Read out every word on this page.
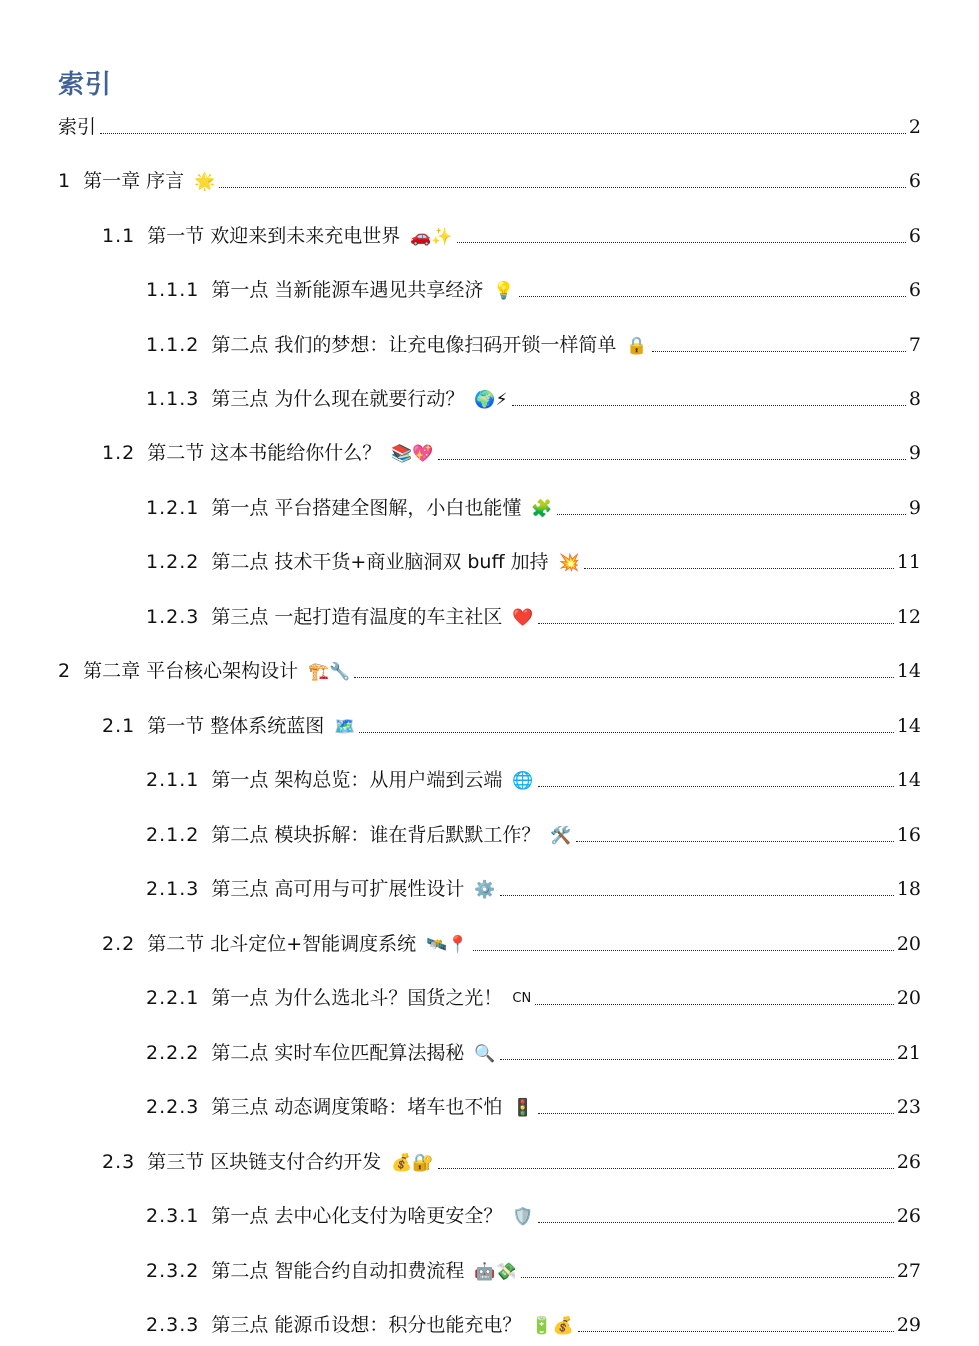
索引
索引	2
1 第一章 序言 🌟	6
1.1 第一节 欢迎来到未来充电世界 🚗✨	6
1.1.1 第一点 当新能源车遇见共享经济 💡	6
1.1.2 第二点 我们的梦想：让充电像扫码开锁一样简单 🔒	7
1.1.3 第三点 为什么现在就要行动？ 🌍⚡	8
1.2 第二节 这本书能给你什么？ 📚💖	9
1.2.1 第一点 平台搭建全图解，小白也能懂 🧩	9
1.2.2 第二点 技术干货+商业脑洞双 buff 加持 💥	11
1.2.3 第三点 一起打造有温度的车主社区 ❤️	12
2 第二章 平台核心架构设计 🏗️🔧	14
2.1 第一节 整体系统蓝图 🗺️	14
2.1.1 第一点 架构总览：从用户端到云端 🌐	14
2.1.2 第二点 模块拆解：谁在背后默默工作？ 🛠️	16
2.1.3 第三点 高可用与可扩展性设计 ⚙️	18
2.2 第二节 北斗定位+智能调度系统 🛰️📍	20
2.2.1 第一点 为什么选北斗？国货之光！ CN	20
2.2.2 第二点 实时车位匹配算法揭秘 🔍	21
2.2.3 第三点 动态调度策略：堵车也不怕 🚦	23
2.3 第三节 区块链支付合约开发 💰🔐	26
2.3.1 第一点 去中心化支付为啥更安全？ 🛡️	26
2.3.2 第二点 智能合约自动扣费流程 🤖💸	27
2.3.3 第三点 能源币设想：积分也能充电？ 🔋💰	29
